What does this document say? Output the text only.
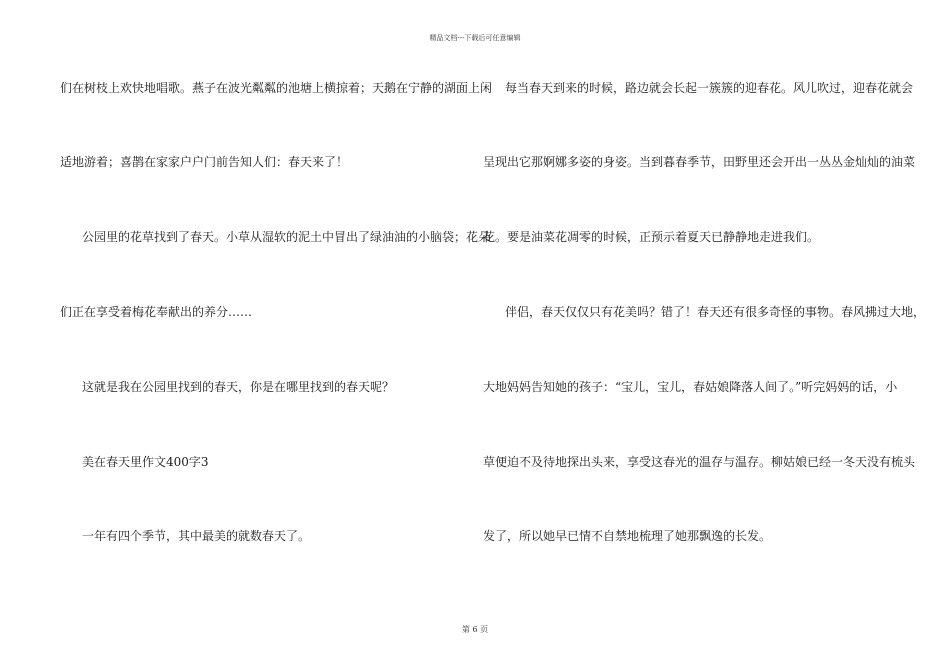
精品文档---下载后可任意编辑
们在树枝上欢快地唱歌。燕子在波光粼粼的池塘上横掠着；天鹅在宁静的湖面上闲
适地游着；喜鹊在家家户户门前告知人们：春天来了！
公园里的花草找到了春天。小草从湿软的泥土中冒出了绿油油的小脑袋；花朵
们正在享受着梅花奉献出的养分……
这就是我在公园里找到的春天，你是在哪里找到的春天呢？
美在春天里作文400字3
一年有四个季节，其中最美的就数春天了。
每当春天到来的时候，路边就会长起一簇簇的迎春花。风儿吹过，迎春花就会
呈现出它那婀娜多姿的身姿。当到暮春季节，田野里还会开出一丛丛金灿灿的油菜
花。要是油菜花凋零的时候，正预示着夏天已静静地走进我们。
伴侣，春天仅仅只有花美吗？错了！春天还有很多奇怪的事物。春风拂过大地，
大地妈妈告知她的孩子：“宝儿，宝儿，春姑娘降落人间了。”听完妈妈的话，小
草便迫不及待地探出头来，享受这春光的温存与温存。柳姑娘已经一冬天没有梳头
发了，所以她早已情不自禁地梳理了她那飘逸的长发。
第 6 页
